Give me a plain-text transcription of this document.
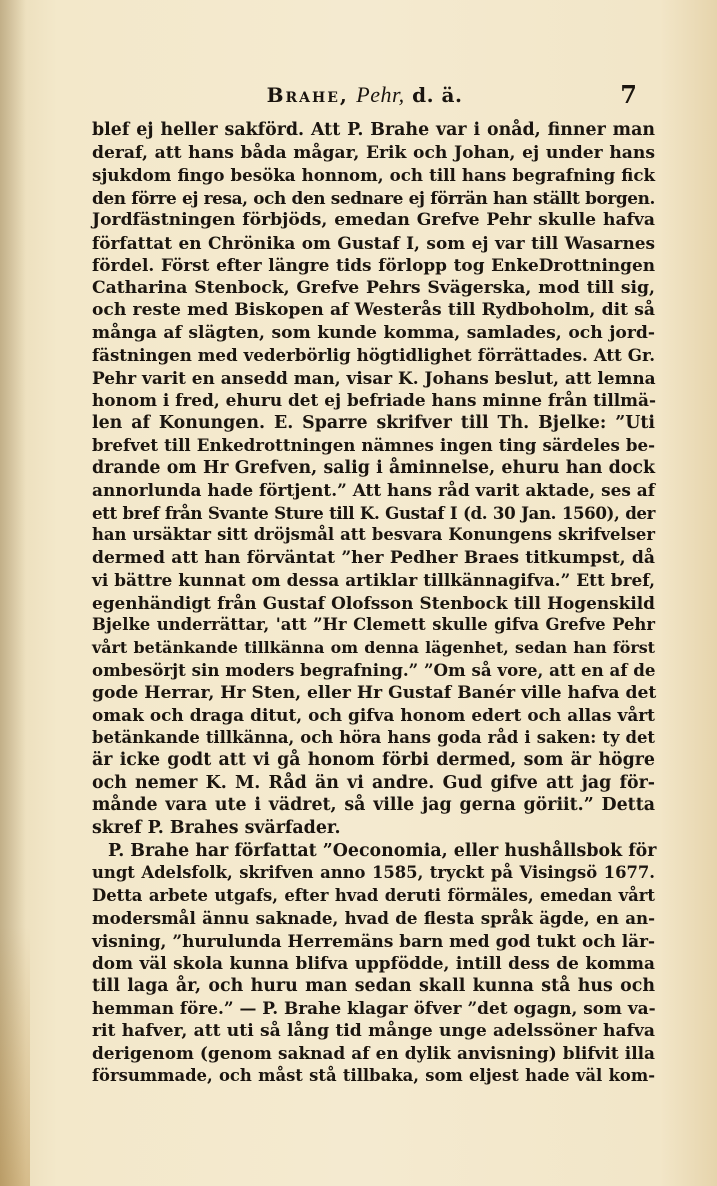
Brahe, Pehr, d. ä.	7
blef ej heller sakförd. Att P. Brahe var i onåd, finner man
deraf, att hans båda mågar, Erik och Johan, ej under hans
sjukdom fingo besöka honnom, och till hans begrafning fick
den förre ej resa, och den sednare ej förrän han ställt borgen.
Jordfästningen förbjöds, emedan Grefve Pehr skulle hafva
författat en Chrönika om Gustaf I, som ej var till Wasarnes
fördel. Först efter längre tids förlopp tog EnkeDrottningen
Catharina Stenbock, Grefve Pehrs Svägerska, mod till sig,
och reste med Biskopen af Westerås till Rydboholm, dit så
många af slägten, som kunde komma, samlades, och jord-
fästningen med vederbörlig högtidlighet förrättades. Att Gr.
Pehr varit en ansedd man, visar K. Johans beslut, att lemna
honom i fred, ehuru det ej befriade hans minne från tillmä-
len af Konungen. E. Sparre skrifver till Th. Bjelke: ”Uti
brefvet till Enkedrottningen nämnes ingen ting särdeles be-
drande om Hr Grefven, salig i åminnelse, ehuru han dock
annorlunda hade förtjent.” Att hans råd varit aktade, ses af
ett bref från Svante Sture till K. Gustaf I (d. 30 Jan. 1560), der
han ursäktar sitt dröjsmål att besvara Konungens skrifvelser
dermed att han förväntat ”her Pedher Braes titkumpst, då
vi bättre kunnat om dessa artiklar tillkännagifva.” Ett bref,
egenhändigt från Gustaf Olofsson Stenbock till Hogenskild
Bjelke underrättar, 'att ”Hr Clemett skulle gifva Grefve Pehr
vårt betänkande tillkänna om denna lägenhet, sedan han först
ombesörjt sin moders begrafning.” ”Om så vore, att en af de
gode Herrar, Hr Sten, eller Hr Gustaf Banér ville hafva det
omak och draga ditut, och gifva honom edert och allas vårt
betänkande tillkänna, och höra hans goda råd i saken: ty det
är icke godt att vi gå honom förbi dermed, som är högre
och nemer K. M. Råd än vi andre. Gud gifve att jag för-
månde vara ute i vädret, så ville jag gerna göriit.” Detta
skref P. Brahes svärfader.
P. Brahe har författat ”Oeconomia, eller hushållsbok för
ungt Adelsfolk, skrifven anno 1585, tryckt på Visingsö 1677.
Detta arbete utgafs, efter hvad deruti förmäles, emedan vårt
modersmål ännu saknade, hvad de flesta språk ägde, en an-
visning, ”hurulunda Herremäns barn med god tukt och lär-
dom väl skola kunna blifva uppfödde, intill dess de komma
till laga år, och huru man sedan skall kunna stå hus och
hemman före.” — P. Brahe klagar öfver ”det ogagn, som va-
rit hafver, att uti så lång tid månge unge adelssöner hafva
derigenom (genom saknad af en dylik anvisning) blifvit illa
försummade, och måst stå tillbaka, som eljest hade väl kom-
